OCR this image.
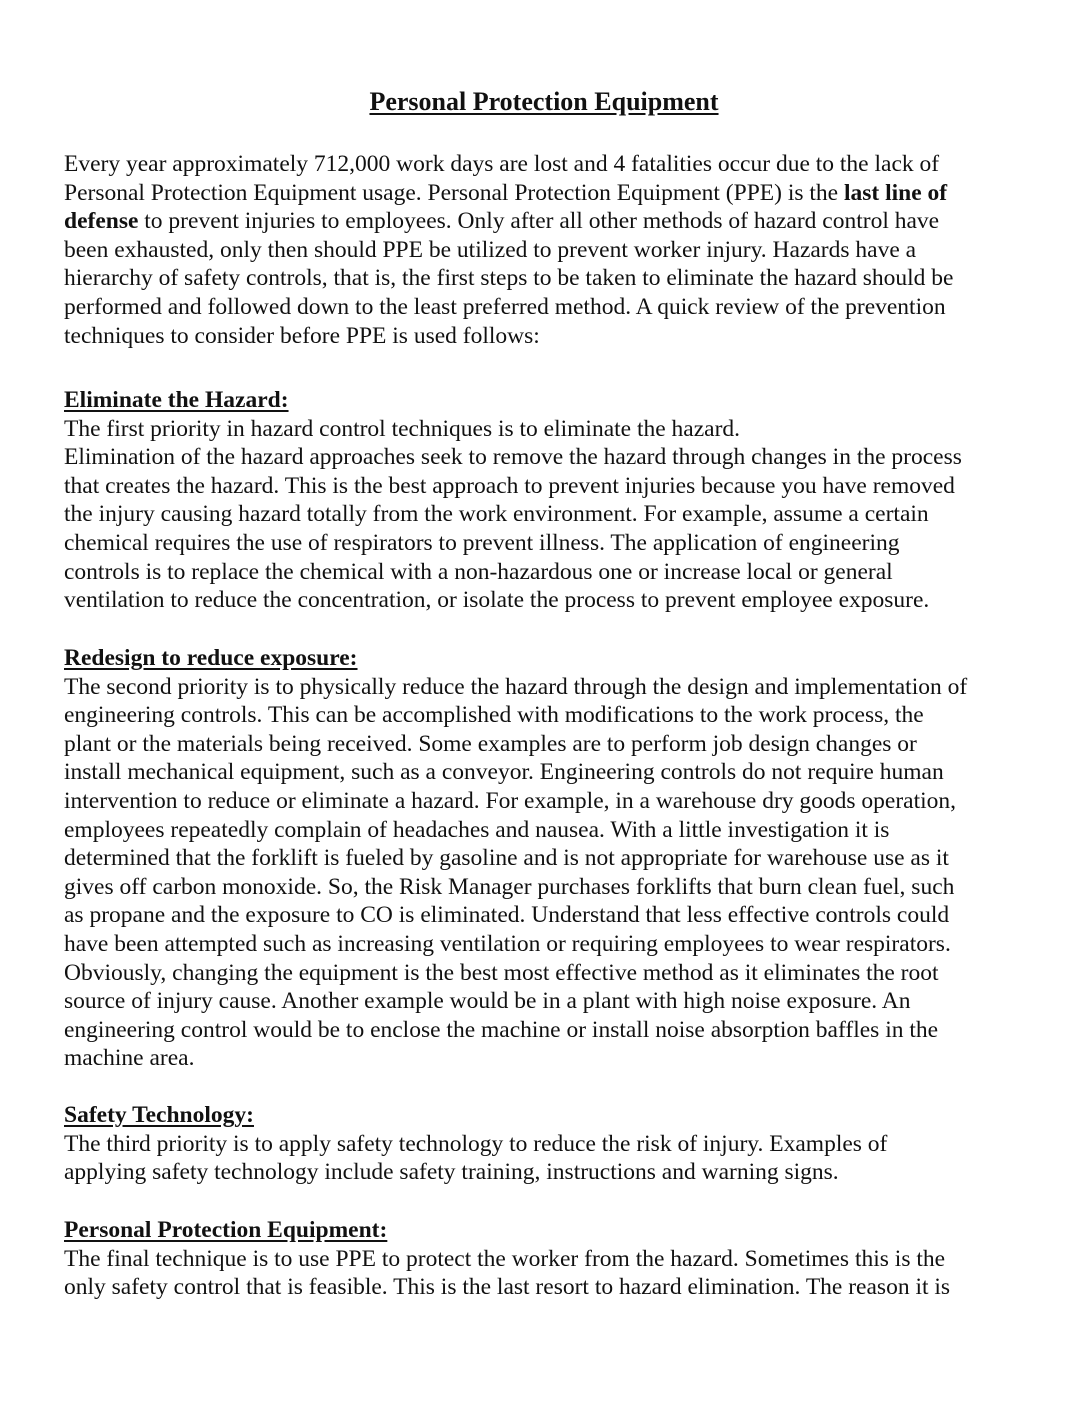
Personal Protection Equipment
Every year approximately 712,000 work days are lost and 4 fatalities occur due to the lack of
Personal Protection Equipment usage. Personal Protection Equipment (PPE) is the last line of
defense to prevent injuries to employees. Only after all other methods of hazard control have
been exhausted, only then should PPE be utilized to prevent worker injury. Hazards have a
hierarchy of safety controls, that is, the first steps to be taken to eliminate the hazard should be
performed and followed down to the least preferred method. A quick review of the prevention
techniques to consider before PPE is used follows:
Eliminate the Hazard:
The first priority in hazard control techniques is to eliminate the hazard.
Elimination of the hazard approaches seek to remove the hazard through changes in the process
that creates the hazard. This is the best approach to prevent injuries because you have removed
the injury causing hazard totally from the work environment. For example, assume a certain
chemical requires the use of respirators to prevent illness. The application of engineering
controls is to replace the chemical with a non-hazardous one or increase local or general
ventilation to reduce the concentration, or isolate the process to prevent employee exposure.
Redesign to reduce exposure:
The second priority is to physically reduce the hazard through the design and implementation of
engineering controls. This can be accomplished with modifications to the work process, the
plant or the materials being received. Some examples are to perform job design changes or
install mechanical equipment, such as a conveyor. Engineering controls do not require human
intervention to reduce or eliminate a hazard. For example, in a warehouse dry goods operation,
employees repeatedly complain of headaches and nausea. With a little investigation it is
determined that the forklift is fueled by gasoline and is not appropriate for warehouse use as it
gives off carbon monoxide. So, the Risk Manager purchases forklifts that burn clean fuel, such
as propane and the exposure to CO is eliminated. Understand that less effective controls could
have been attempted such as increasing ventilation or requiring employees to wear respirators.
Obviously, changing the equipment is the best most effective method as it eliminates the root
source of injury cause. Another example would be in a plant with high noise exposure. An
engineering control would be to enclose the machine or install noise absorption baffles in the
machine area.
Safety Technology:
The third priority is to apply safety technology to reduce the risk of injury. Examples of
applying safety technology include safety training, instructions and warning signs.
Personal Protection Equipment:
The final technique is to use PPE to protect the worker from the hazard. Sometimes this is the
only safety control that is feasible. This is the last resort to hazard elimination. The reason it is
